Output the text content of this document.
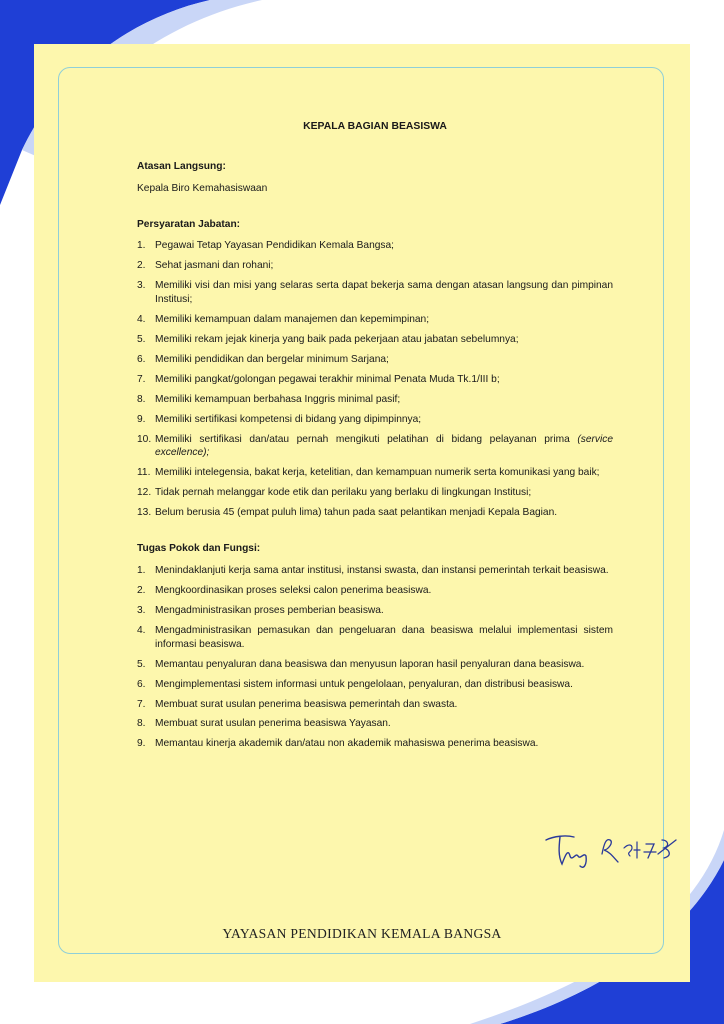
KEPALA BAGIAN BEASISWA
Atasan Langsung:
Kepala Biro Kemahasiswaan
Persyaratan Jabatan:
1. Pegawai Tetap Yayasan Pendidikan Kemala Bangsa;
2. Sehat jasmani dan rohani;
3. Memiliki visi dan misi yang selaras serta dapat bekerja sama dengan atasan langsung dan pimpinan Institusi;
4. Memiliki kemampuan dalam manajemen dan kepemimpinan;
5. Memiliki rekam jejak kinerja yang baik pada pekerjaan atau jabatan sebelumnya;
6. Memiliki pendidikan dan bergelar minimum Sarjana;
7. Memiliki pangkat/golongan pegawai terakhir minimal Penata Muda Tk.1/III b;
8. Memiliki kemampuan berbahasa Inggris minimal pasif;
9. Memiliki sertifikasi kompetensi di bidang yang dipimpinnya;
10. Memiliki sertifikasi dan/atau pernah mengikuti pelatihan di bidang pelayanan prima (service excellence);
11. Memiliki intelegensia, bakat kerja, ketelitian, dan kemampuan numerik serta komunikasi yang baik;
12. Tidak pernah melanggar kode etik dan perilaku yang berlaku di lingkungan Institusi;
13. Belum berusia 45 (empat puluh lima) tahun pada saat pelantikan menjadi Kepala Bagian.
Tugas Pokok dan Fungsi:
1. Menindaklanjuti kerja sama antar institusi, instansi swasta, dan instansi pemerintah terkait beasiswa.
2. Mengkoordinasikan proses seleksi calon penerima beasiswa.
3. Mengadministrasikan proses pemberian beasiswa.
4. Mengadministrasikan pemasukan dan pengeluaran dana beasiswa melalui implementasi sistem informasi beasiswa.
5. Memantau penyaluran dana beasiswa dan menyusun laporan hasil penyaluran dana beasiswa.
6. Mengimplementasi sistem informasi untuk pengelolaan, penyaluran, dan distribusi beasiswa.
7. Membuat surat usulan penerima beasiswa pemerintah dan swasta.
8. Membuat surat usulan penerima beasiswa Yayasan.
9. Memantau kinerja akademik dan/atau non akademik mahasiswa penerima beasiswa.
YAYASAN PENDIDIKAN KEMALA BANGSA
